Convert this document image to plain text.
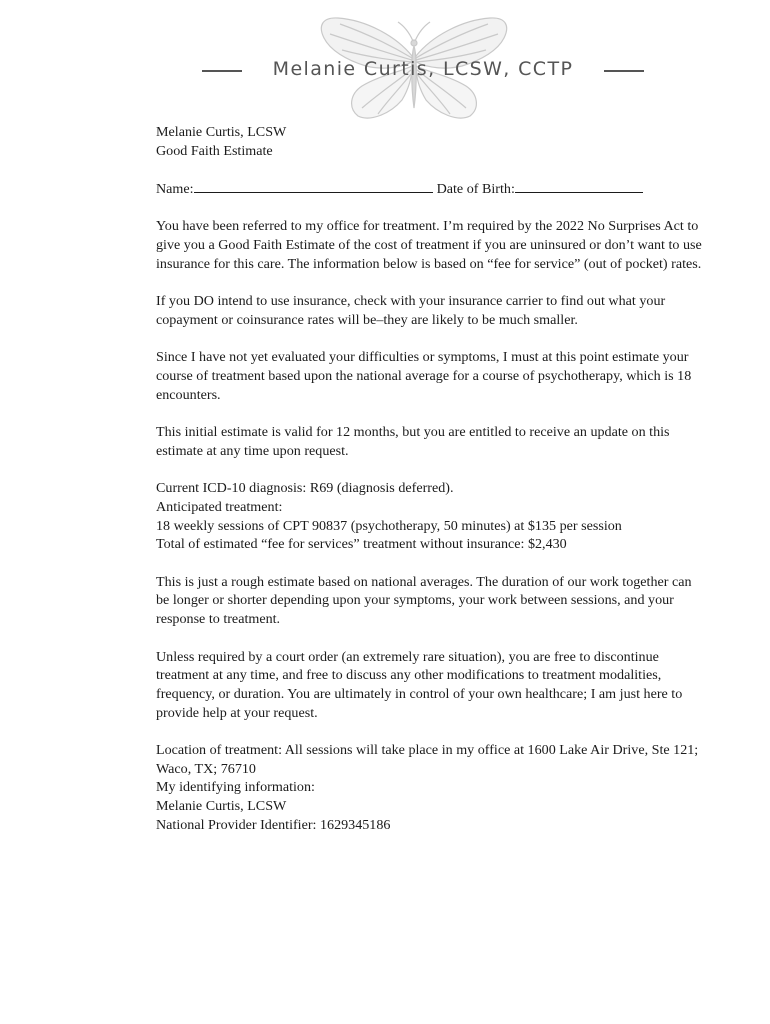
Melanie Curtis, LCSW, CCTP
Melanie Curtis, LCSW
Good Faith Estimate
Name:	Date of Birth:
You have been referred to my office for treatment. I’m required by the 2022 No Surprises Act to
give you a Good Faith Estimate of the cost of treatment if you are uninsured or don’t want to use
insurance for this care. The information below is based on “fee for service” (out of pocket) rates.
If you DO intend to use insurance, check with your insurance carrier to find out what your
copayment or coinsurance rates will be–they are likely to be much smaller.
Since I have not yet evaluated your difficulties or symptoms, I must at this point estimate your
course of treatment based upon the national average for a course of psychotherapy, which is 18
encounters.
This initial estimate is valid for 12 months, but you are entitled to receive an update on this
estimate at any time upon request.
Current ICD-10 diagnosis: R69 (diagnosis deferred).
Anticipated treatment:
18 weekly sessions of CPT 90837 (psychotherapy, 50 minutes) at $135 per session
Total of estimated “fee for services” treatment without insurance: $2,430
This is just a rough estimate based on national averages. The duration of our work together can
be longer or shorter depending upon your symptoms, your work between sessions, and your
response to treatment.
Unless required by a court order (an extremely rare situation), you are free to discontinue
treatment at any time, and free to discuss any other modifications to treatment modalities,
frequency, or duration. You are ultimately in control of your own healthcare; I am just here to
provide help at your request.
Location of treatment: All sessions will take place in my office at 1600 Lake Air Drive, Ste 121;
Waco, TX; 76710
My identifying information:
Melanie Curtis, LCSW
National Provider Identifier: 1629345186
